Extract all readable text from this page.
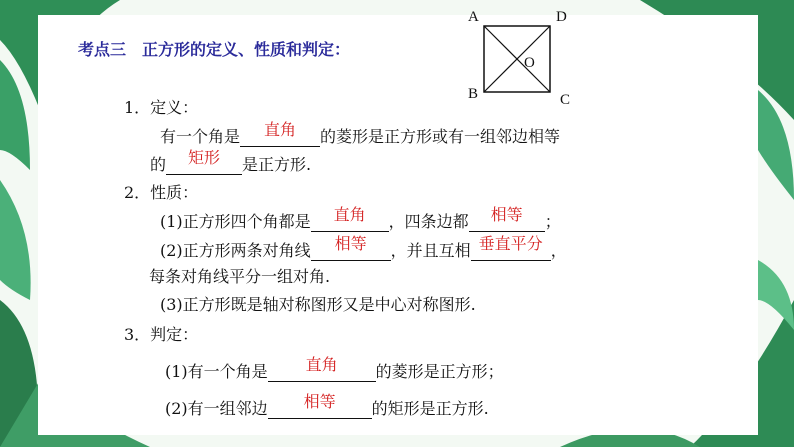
考点三　正方形的定义、性质和判定：
A	D
B	C
O
1．定义：
有一个角是	直角	的菱形是正方形或有一组邻边相等
的	矩形	是正方形.
2．性质：
(1)正方形四个角都是	直角	，四条边都	相等	；
(2)正方形两条对角线	相等	，并且互相 垂直平分 ，
每条对角线平分一组对角.
(3)正方形既是轴对称图形又是中心对称图形.
3．判定：
(1)有一个角是	直角	的菱形是正方形；
(2)有一组邻边	相等	的矩形是正方形.
